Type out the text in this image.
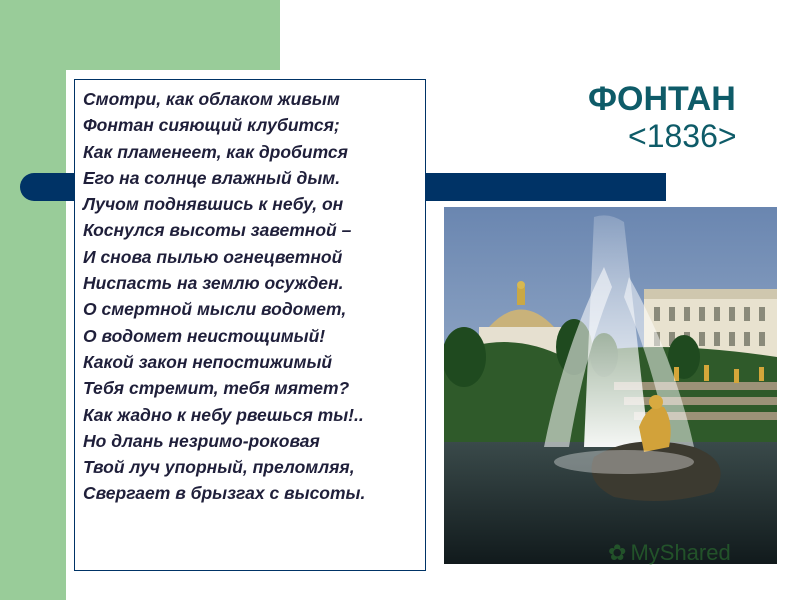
Смотри, как облаком живым
Фонтан сияющий клубится;
Как пламенеет, как дробится
Его на солнце влажный дым.
Лучом поднявшись к небу, он
Коснулся высоты заветной –
И снова пылью огнецветной
Ниспасть на землю осужден.
О смертной мысли водомет,
О водомет неистощимый!
Какой закон непостижимый
Тебя стремит, тебя мятет?
Как жадно к небу рвешься ты!..
Но длань незримо-роковая
Твой луч упорный, преломляя,
Свергает в брызгах с высоты.
ФОНТАН
<1836>
✿ MyShared
